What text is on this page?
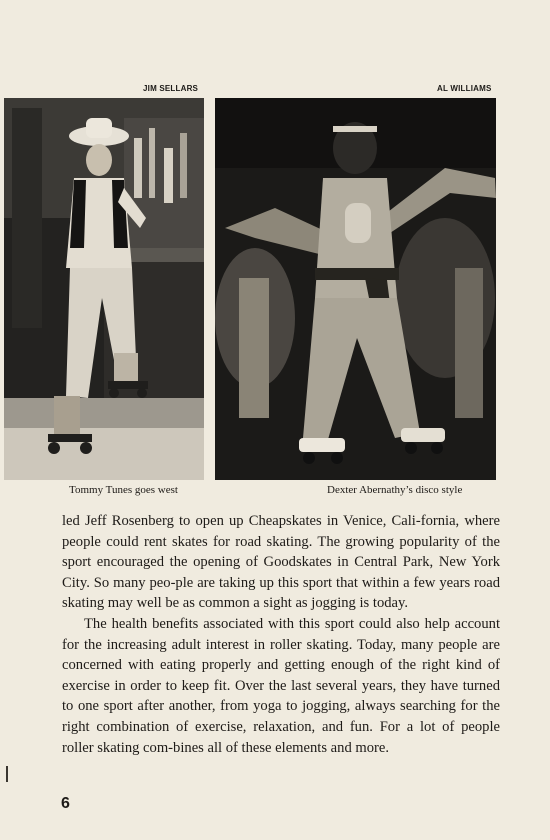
JIM SELLARS	AL WILLIAMS
Tommy Tunes goes west	Dexter Abernathy’s disco style

led Jeff Rosenberg to open up Cheapskates in Venice, Cali-fornia, where people could rent skates for road skating. The growing popularity of the sport encouraged the opening of Goodskates in Central Park, New York City. So many peo-ple are taking up this sport that within a few years road skating may well be as common a sight as jogging is today.

The health benefits associated with this sport could also help account for the increasing adult interest in roller skating. Today, many people are concerned with eating properly and getting enough of the right kind of exercise in order to keep fit. Over the last several years, they have turned to one sport after another, from yoga to jogging, always searching for the right combination of exercise, relaxation, and fun. For a lot of people roller skating com-bines all of these elements and more.

6
